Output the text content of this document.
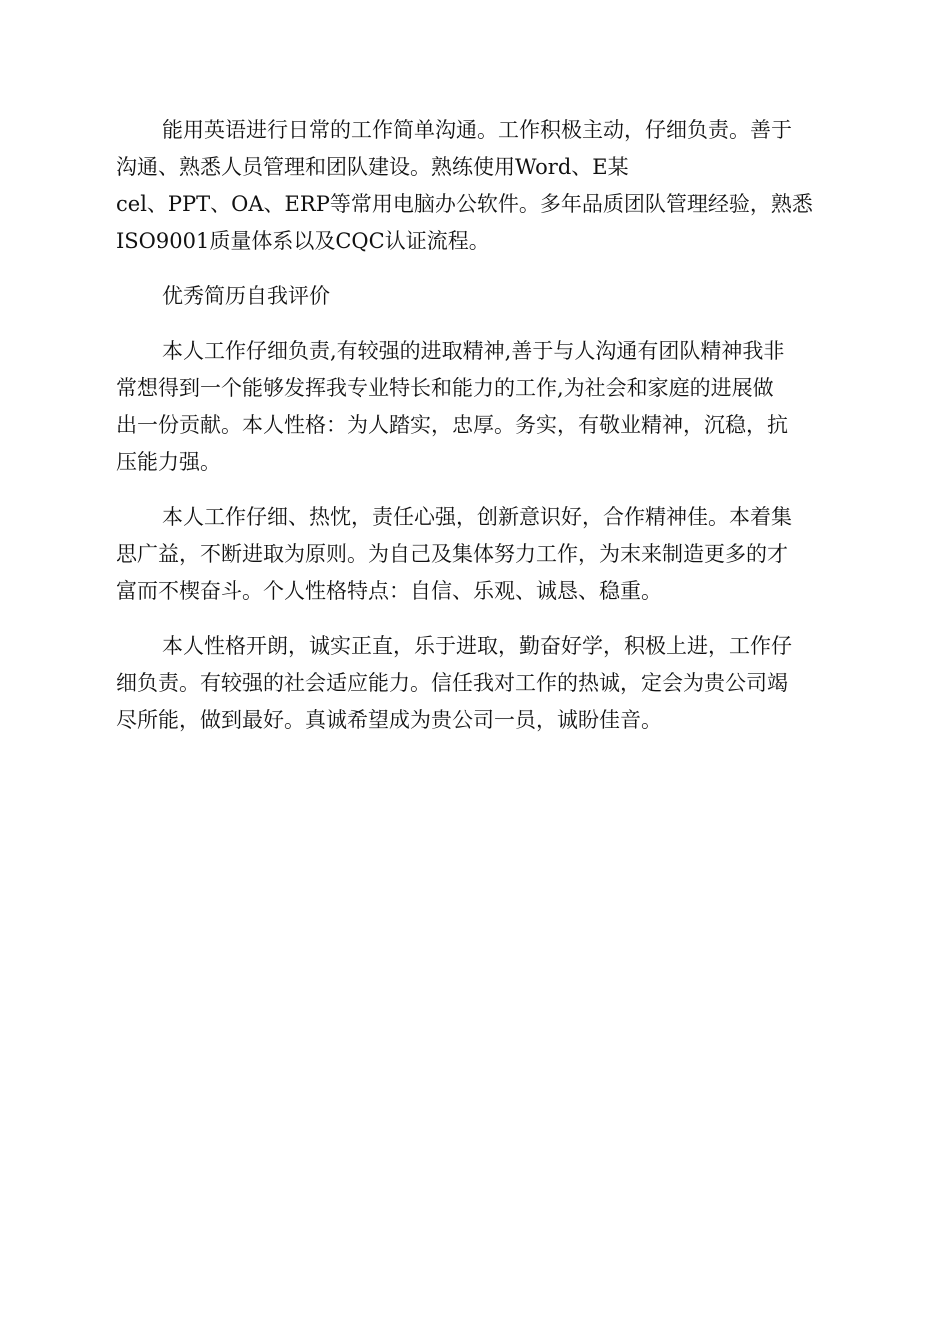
能用英语进行日常的工作简单沟通。工作积极主动，仔细负责。善于
沟通、熟悉人员管理和团队建设。熟练使用Word、E某
cel、PPT、OA、ERP等常用电脑办公软件。多年品质团队管理经验，熟悉
ISO9001质量体系以及CQC认证流程。

优秀简历自我评价

本人工作仔细负责,有较强的进取精神,善于与人沟通有团队精神我非
常想得到一个能够发挥我专业特长和能力的工作,为社会和家庭的进展做
出一份贡献。本人性格：为人踏实，忠厚。务实，有敬业精神，沉稳，抗
压能力强。

本人工作仔细、热忱，责任心强，创新意识好，合作精神佳。本着集
思广益，不断进取为原则。为自己及集体努力工作，为末来制造更多的才
富而不楔奋斗。个人性格特点：自信、乐观、诚恳、稳重。

本人性格开朗，诚实正直，乐于进取，勤奋好学，积极上进，工作仔
细负责。有较强的社会适应能力。信任我对工作的热诚，定会为贵公司竭
尽所能，做到最好。真诚希望成为贵公司一员，诚盼佳音。
